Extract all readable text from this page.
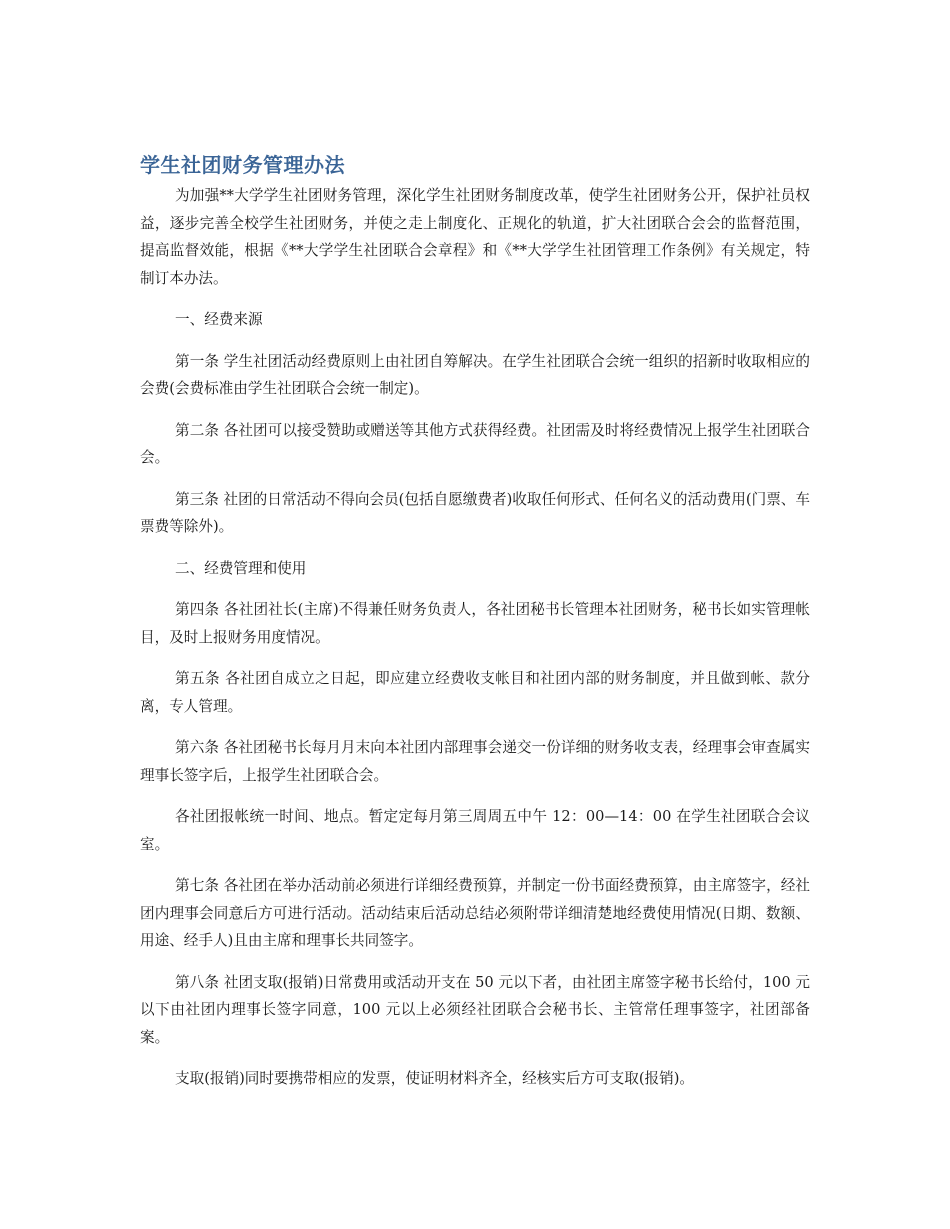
学生社团财务管理办法

为加强**大学学生社团财务管理，深化学生社团财务制度改革，使学生社团财务公开，保护社员权益，逐步完善全校学生社团财务，并使之走上制度化、正规化的轨道，扩大社团联合会会的监督范围，提高监督效能，根据《**大学学生社团联合会章程》和《**大学学生社团管理工作条例》有关规定，特制订本办法。

一、经费来源

第一条 学生社团活动经费原则上由社团自筹解决。在学生社团联合会统一组织的招新时收取相应的会费(会费标准由学生社团联合会统一制定)。

第二条 各社团可以接受赞助或赠送等其他方式获得经费。社团需及时将经费情况上报学生社团联合会。

第三条 社团的日常活动不得向会员(包括自愿缴费者)收取任何形式、任何名义的活动费用(门票、车票费等除外)。

二、经费管理和使用

第四条 各社团社长(主席)不得兼任财务负责人，各社团秘书长管理本社团财务，秘书长如实管理帐目，及时上报财务用度情况。

第五条 各社团自成立之日起，即应建立经费收支帐目和社团内部的财务制度，并且做到帐、款分离，专人管理。

第六条 各社团秘书长每月月末向本社团内部理事会递交一份详细的财务收支表，经理事会审查属实理事长签字后，上报学生社团联合会。

各社团报帐统一时间、地点。暂定定每月第三周周五中午 12：00—14：00 在学生社团联合会议室。

第七条 各社团在举办活动前必须进行详细经费预算，并制定一份书面经费预算，由主席签字，经社团内理事会同意后方可进行活动。活动结束后活动总结必须附带详细清楚地经费使用情况(日期、数额、用途、经手人)且由主席和理事长共同签字。

第八条 社团支取(报销)日常费用或活动开支在 50 元以下者，由社团主席签字秘书长给付，100 元以下由社团内理事长签字同意，100 元以上必须经社团联合会秘书长、主管常任理事签字，社团部备案。

支取(报销)同时要携带相应的发票，使证明材料齐全，经核实后方可支取(报销)。
